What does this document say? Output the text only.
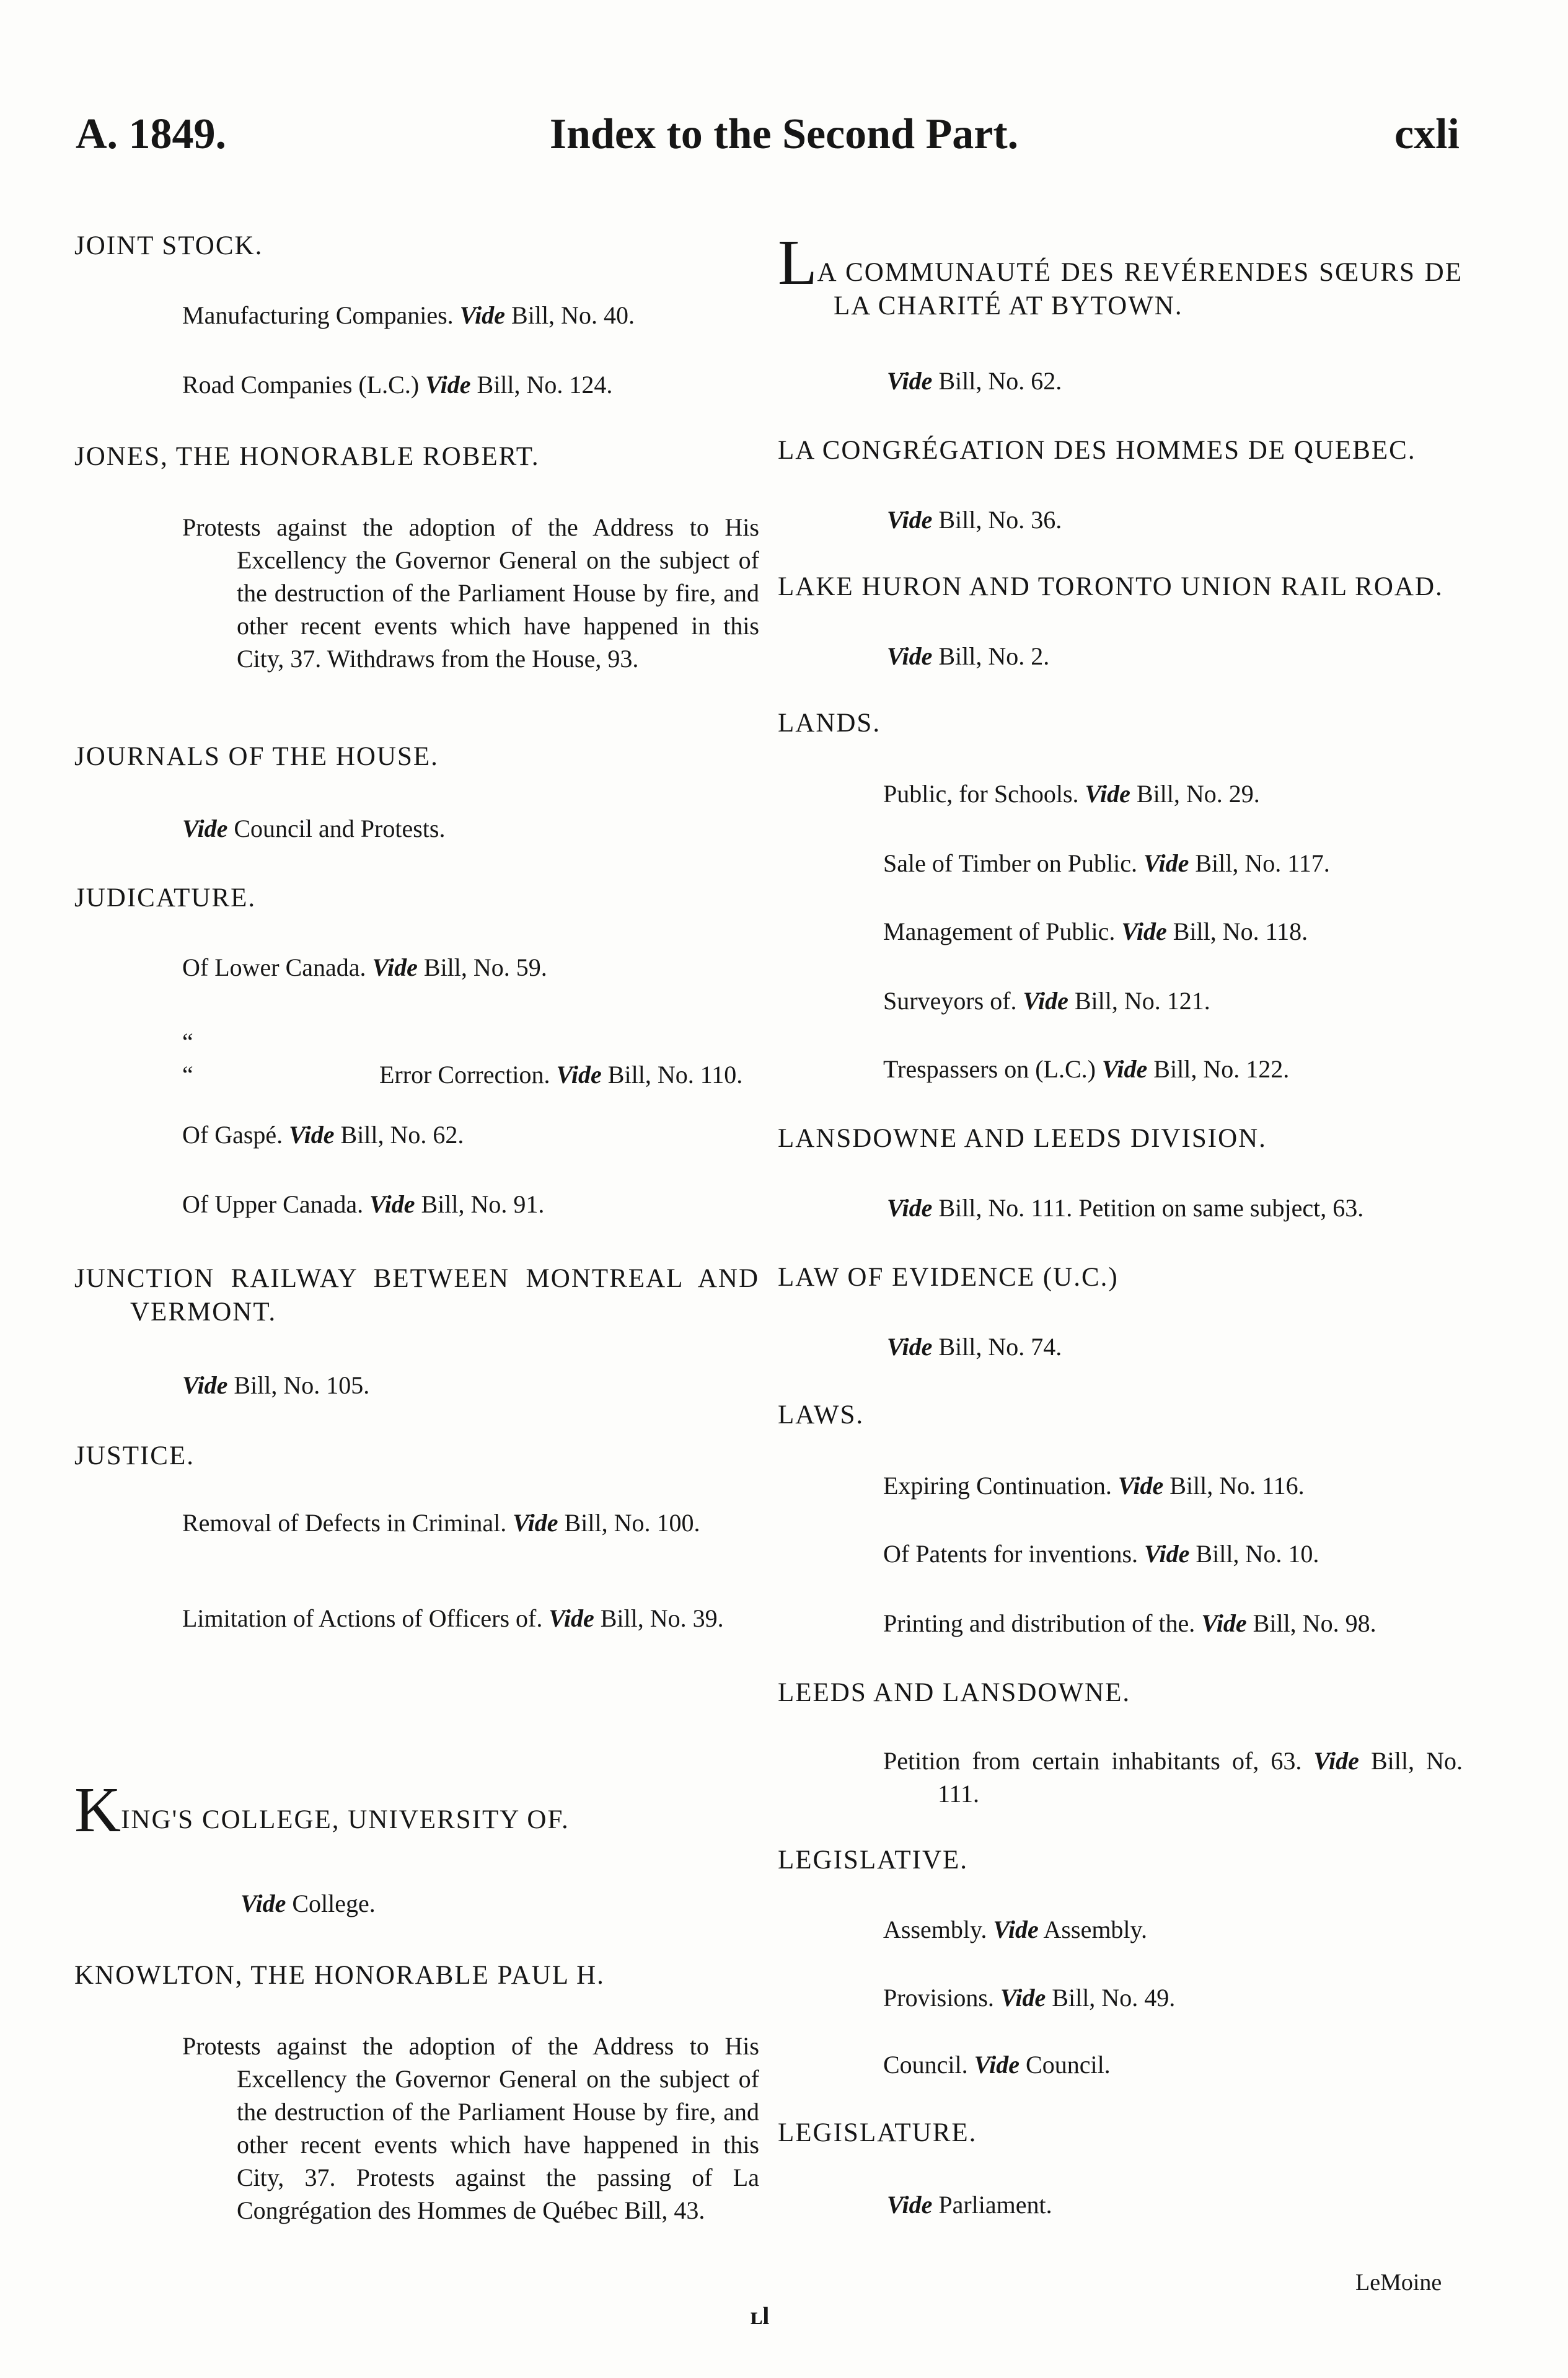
A. 1849.	Index to the Second Part.	cxli
JOINT STOCK.
Manufacturing Companies. Vide Bill, No. 40.
Road Companies (L.C.) Vide Bill, No. 124.
JONES, THE HONORABLE ROBERT.
Protests against the adoption of the Address to His Excellency the Governor General on the subject of the destruction of the Parliament House by fire, and other recent events which have happened in this City, 37. Withdraws from the House, 93.
JOURNALS OF THE HOUSE.
Vide Council and Protests.
JUDICATURE.
Of Lower Canada. Vide Bill, No. 59.
““	Error Correction. Vide Bill, No. 110.
Of Gaspé. Vide Bill, No. 62.
Of Upper Canada. Vide Bill, No. 91.
JUNCTION RAILWAY BETWEEN MONTREAL AND VERMONT.
Vide Bill, No. 105.
JUSTICE.
Removal of Defects in Criminal. Vide Bill, No. 100.
Limitation of Actions of Officers of. Vide Bill, No. 39.
KING'S COLLEGE, UNIVERSITY OF.
Vide College.
KNOWLTON, THE HONORABLE PAUL H.
Protests against the adoption of the Address to His Excellency the Governor General on the subject of the destruction of the Parliament House by fire, and other recent events which have happened in this City, 37. Protests against the passing of La Congrégation des Hommes de Québec Bill, 43.
LA COMMUNAUTÉ DES REVÉRENDES SŒURS DE LA CHARITÉ AT BYTOWN.
Vide Bill, No. 62.
LA CONGRÉGATION DES HOMMES DE QUEBEC.
Vide Bill, No. 36.
LAKE HURON AND TORONTO UNION RAIL ROAD.
Vide Bill, No. 2.
LANDS.
Public, for Schools. Vide Bill, No. 29.
Sale of Timber on Public. Vide Bill, No. 117.
Management of Public. Vide Bill, No. 118.
Surveyors of. Vide Bill, No. 121.
Trespassers on (L.C.) Vide Bill, No. 122.
LANSDOWNE AND LEEDS DIVISION.
Vide Bill, No. 111. Petition on same subject, 63.
LAW OF EVIDENCE (U.C.)
Vide Bill, No. 74.
LAWS.
Expiring Continuation. Vide Bill, No. 116.
Of Patents for inventions. Vide Bill, No. 10.
Printing and distribution of the. Vide Bill, No. 98.
LEEDS AND LANSDOWNE.
Petition from certain inhabitants of, 63. Vide Bill, No. 111.
LEGISLATIVE.
Assembly. Vide Assembly.
Provisions. Vide Bill, No. 49.
Council. Vide Council.
LEGISLATURE.
Vide Parliament.
LeMoine
ʟl
